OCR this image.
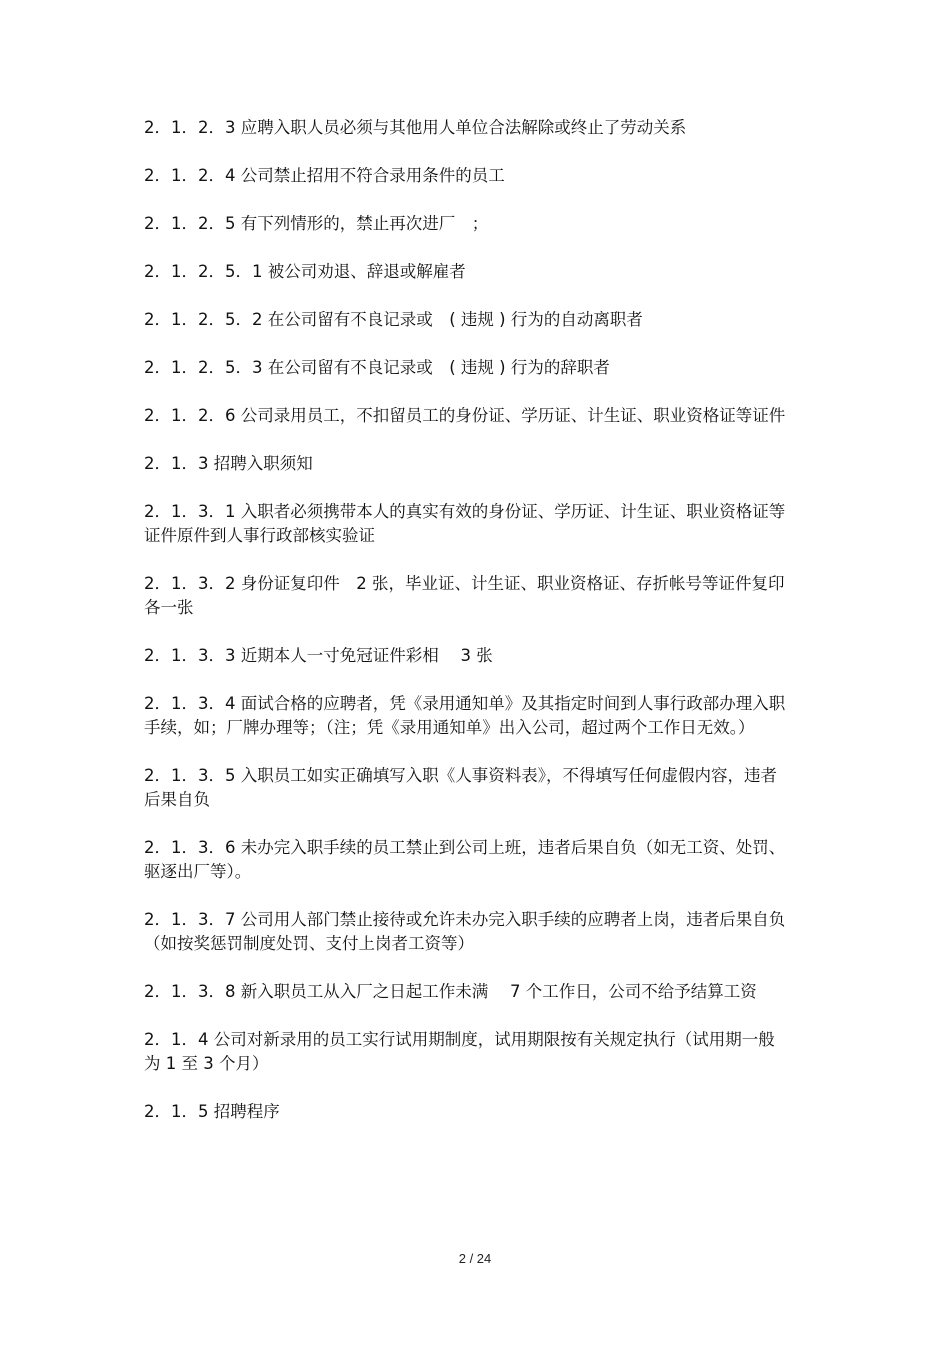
2．1．2．3 应聘入职人员必须与其他用人单位合法解除或终止了劳动关系

2．1．2．4 公司禁止招用不符合录用条件的员工

2．1．2．5 有下列情形的，禁止再次进厂　；

2．1．2．5．1 被公司劝退、辞退或解雇者

2．1．2．5．2 在公司留有不良记录或　( 违规 ) 行为的自动离职者

2．1．2．5．3 在公司留有不良记录或　( 违规 ) 行为的辞职者

2．1．2．6 公司录用员工，不扣留员工的身份证、学历证、计生证、职业资格证等证件

2．1．3 招聘入职须知

2．1．3．1 入职者必须携带本人的真实有效的身份证、学历证、计生证、职业资格证等证件原件到人事行政部核实验证

2．1．3．2 身份证复印件　2 张，毕业证、计生证、职业资格证、存折帐号等证件复印各一张

2．1．3．3 近期本人一寸免冠证件彩相　 3 张

2．1．3．4 面试合格的应聘者，凭《录用通知单》及其指定时间到人事行政部办理入职手续，如；厂牌办理等；（注；凭《录用通知单》出入公司，超过两个工作日无效。）

2．1．3．5 入职员工如实正确填写入职《人事资料表》，不得填写任何虚假内容，违者后果自负

2．1．3．6 未办完入职手续的员工禁止到公司上班，违者后果自负（如无工资、处罚、驱逐出厂等）。

2．1．3．7 公司用人部门禁止接待或允许未办完入职手续的应聘者上岗，违者后果自负（如按奖惩罚制度处罚、支付上岗者工资等）

2．1．3．8 新入职员工从入厂之日起工作未满　 7 个工作日，公司不给予结算工资

2．1．4 公司对新录用的员工实行试用期制度，试用期限按有关规定执行（试用期一般为 1 至 3 个月）

2．1．5 招聘程序

2 / 24
